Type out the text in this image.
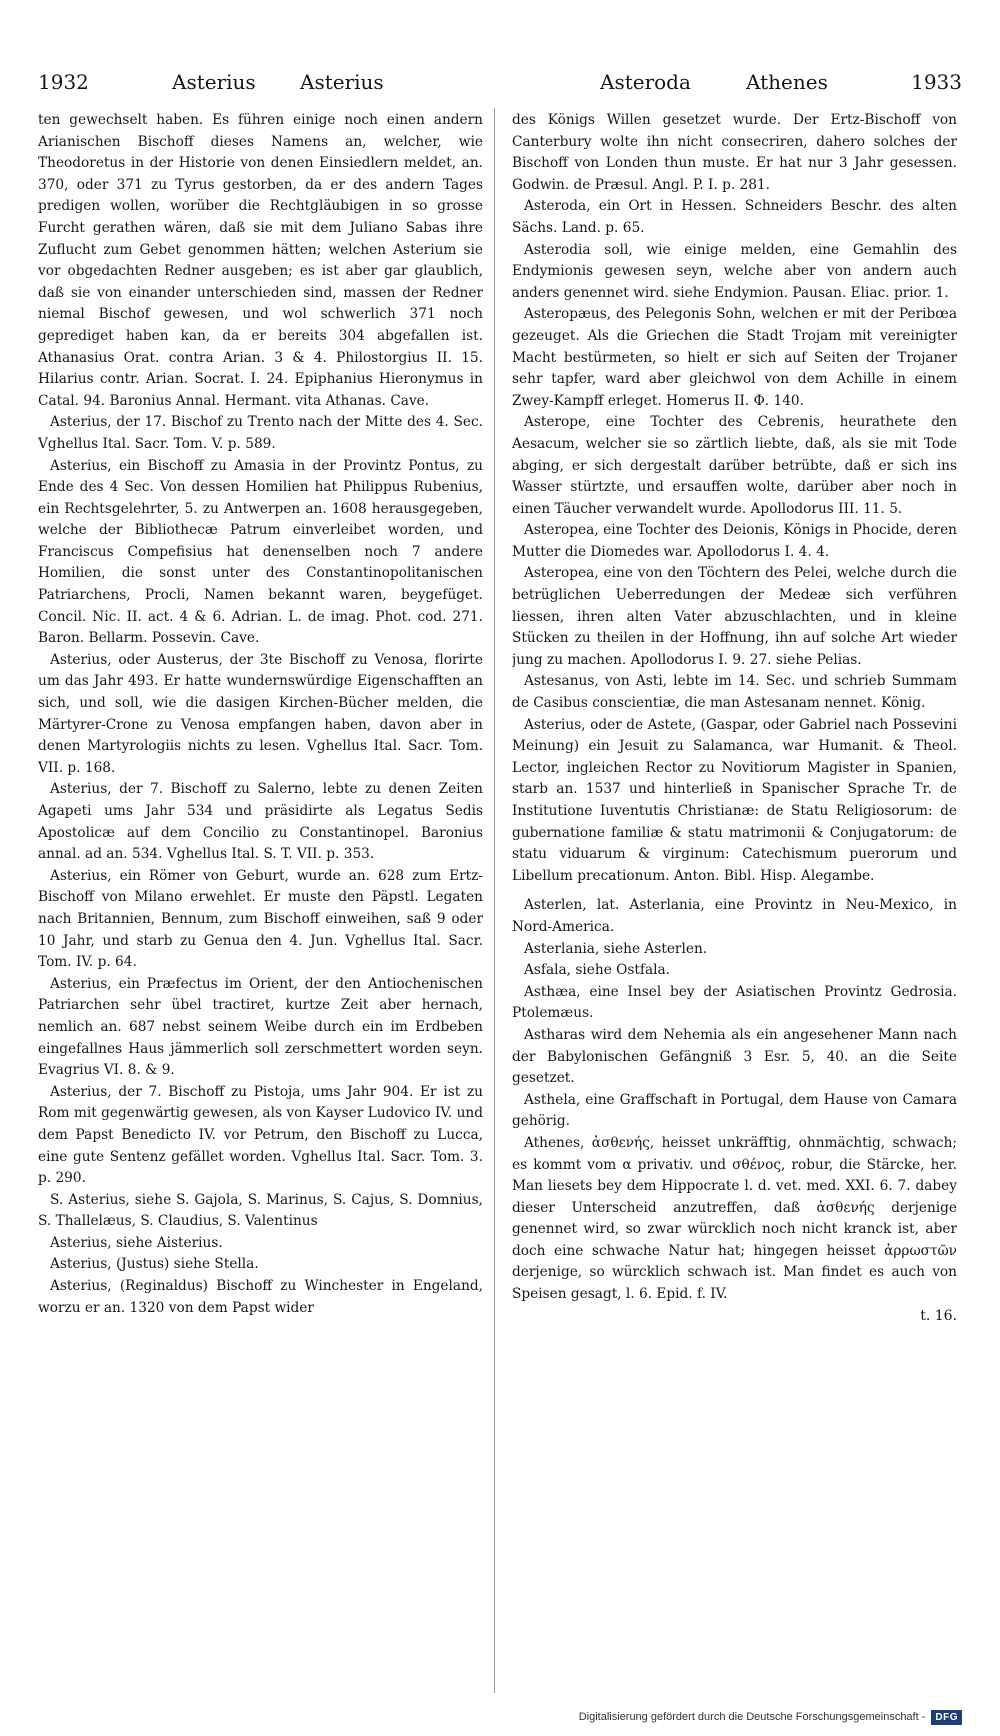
1932	Asterius Asterius	Asteroda	Athenes	1933

ten gewechselt haben. Es führen einige noch einen andern Arianischen Bischoff dieses Namens an, welcher, wie Theodoretus in der Historie von denen Einsiedlern meldet, an. 370, oder 371 zu Tyrus gestorben, da er des andern Tages predigen wollen, worüber die Rechtgläubigen in so grosse Furcht gerathen wären, daß sie mit dem Juliano Sabas ihre Zuflucht zum Gebet genommen hätten; welchen Asterium sie vor obgedachten Redner ausgeben; es ist aber gar glaublich, daß sie von einander unterschieden sind, massen der Redner niemal Bischof gewesen, und wol schwerlich 371 noch geprediget haben kan, da er bereits 304 abgefallen ist. Athanasius Orat. contra Arian. 3 & 4. Philostorgius II. 15. Hilarius contr. Arian. Socrat. I. 24. Epiphanius Hieronymus in Catal. 94. Baronius Annal. Hermant. vita Athanas. Cave.

Asterius, der 17. Bischof zu Trento nach der Mitte des 4. Sec. Vghellus Ital. Sacr. Tom. V. p. 589.

Asterius, ein Bischoff zu Amasia in der Provintz Pontus, zu Ende des 4 Sec. Von dessen Homilien hat Philippus Rubenius, ein Rechtsgelehrter, 5. zu Antwerpen an. 1608 herausgegeben, welche der Bibliothecæ Patrum einverleibet worden, und Franciscus Compefisius hat denenselben noch 7 andere Homilien, die sonst unter des Constantinopolitanischen Patriarchens, Procli, Namen bekannt waren, beygefüget. Concil. Nic. II. act. 4 & 6. Adrian. L. de imag. Phot. cod. 271. Baron. Bellarm. Possevin. Cave.

Asterius, oder Austerus, der 3te Bischoff zu Venosa, florirte um das Jahr 493. Er hatte wundernswürdige Eigenschafften an sich, und soll, wie die dasigen Kirchen-Bücher melden, die Märtyrer-Crone zu Venosa empfangen haben, davon aber in denen Martyrologiis nichts zu lesen. Vghellus Ital. Sacr. Tom. VII. p. 168.

Asterius, der 7. Bischoff zu Salerno, lebte zu denen Zeiten Agapeti ums Jahr 534 und präsidirte als Legatus Sedis Apostolicæ auf dem Concilio zu Constantinopel. Baronius annal. ad an. 534. Vghellus Ital. S. T. VII. p. 353.

Asterius, ein Römer von Geburt, wurde an. 628 zum Ertz-Bischoff von Milano erwehlet. Er muste den Päpstl. Legaten nach Britannien, Bennum, zum Bischoff einweihen, saß 9 oder 10 Jahr, und starb zu Genua den 4. Jun. Vghellus Ital. Sacr. Tom. IV. p. 64.

Asterius, ein Præfectus im Orient, der den Antiochenischen Patriarchen sehr übel tractiret, kurtze Zeit aber hernach, nemlich an. 687 nebst seinem Weibe durch ein im Erdbeben eingefallnes Haus jämmerlich soll zerschmettert worden seyn. Evagrius VI. 8. & 9.

Asterius, der 7. Bischoff zu Pistoja, ums Jahr 904. Er ist zu Rom mit gegenwärtig gewesen, als von Kayser Ludovico IV. und dem Papst Benedicto IV. vor Petrum, den Bischoff zu Lucca, eine gute Sentenz gefället worden. Vghellus Ital. Sacr. Tom. 3. p. 290.

S. Asterius, siehe S. Gajola, S. Marinus, S. Cajus, S. Domnius, S. Thallelæus, S. Claudius, S. Valentinus

Asterius, siehe Aisterius.

Asterius, (Justus) siehe Stella.

Asterius, (Reginaldus) Bischoff zu Winchester in Engeland, worzu er an. 1320 von dem Papst wider

des Königs Willen gesetzet wurde. Der Ertz-Bischoff von Canterbury wolte ihn nicht consecriren, dahero solches der Bischoff von Londen thun muste. Er hat nur 3 Jahr gesessen. Godwin. de Præsul. Angl. P. I. p. 281.

Asteroda, ein Ort in Hessen. Schneiders Beschr. des alten Sächs. Land. p. 65.

Asterodia soll, wie einige melden, eine Gemahlin des Endymionis gewesen seyn, welche aber von andern auch anders genennet wird. siehe Endymion. Pausan. Eliac. prior. 1.

Asteropæus, des Pelegonis Sohn, welchen er mit der Peribœa gezeuget. Als die Griechen die Stadt Trojam mit vereinigter Macht bestürmeten, so hielt er sich auf Seiten der Trojaner sehr tapfer, ward aber gleichwol von dem Achille in einem Zwey-Kampff erleget. Homerus II. Φ. 140.

Asterope, eine Tochter des Cebrenis, heurathete den Aesacum, welcher sie so zärtlich liebte, daß, als sie mit Tode abging, er sich dergestalt darüber betrübte, daß er sich ins Wasser stürtzte, und ersauffen wolte, darüber aber noch in einen Täucher verwandelt wurde. Apollodorus III. 11. 5.

Asteropea, eine Tochter des Deionis, Königs in Phocide, deren Mutter die Diomedes war. Apollodorus I. 4. 4.

Asteropea, eine von den Töchtern des Pelei, welche durch die betrüglichen Ueberredungen der Medeæ sich verführen liessen, ihren alten Vater abzuschlachten, und in kleine Stücken zu theilen in der Hoffnung, ihn auf solche Art wieder jung zu machen. Apollodorus I. 9. 27. siehe Pelias.

Astesanus, von Asti, lebte im 14. Sec. und schrieb Summam de Casibus conscientiæ, die man Astesanam nennet. König.

Asterius, oder de Astete, (Gaspar, oder Gabriel nach Possevini Meinung) ein Jesuit zu Salamanca, war Humanit. & Theol. Lector, ingleichen Rector zu Novitiorum Magister in Spanien, starb an. 1537 und hinterließ in Spanischer Sprache Tr. de Institutione Iuventutis Christianæ: de Statu Religiosorum: de gubernatione familiæ & statu matrimonii & Conjugatorum: de statu viduarum & virginum: Catechismum puerorum und Libellum precationum. Anton. Bibl. Hisp. Alegambe.

Asterlen, lat. Asterlania, eine Provintz in Neu-Mexico, in Nord-America.

Asterlania, siehe Asterlen.

Asfala, siehe Ostfala.

Asthæa, eine Insel bey der Asiatischen Provintz Gedrosia. Ptolemæus.

Astharas wird dem Nehemia als ein angesehener Mann nach der Babylonischen Gefängniß 3 Esr. 5, 40. an die Seite gesetzet.

Asthela, eine Graffschaft in Portugal, dem Hause von Camara gehörig.

Athenes, ἀσθενής, heisset unkräfftig, ohnmächtig, schwach; es kommt vom α privativ. und σθένος, robur, die Stärcke, her. Man liesets bey dem Hippocrate l. d. vet. med. XXI. 6. 7. dabey dieser Unterscheid anzutreffen, daß ἀσθενής derjenige genennet wird, so zwar würcklich noch nicht kranck ist, aber doch eine schwache Natur hat; hingegen heisset ἀρρωστῶν derjenige, so würcklich schwach ist. Man findet es auch von Speisen gesagt, l. 6. Epid. f. IV.

t. 16.

Digitalisierung gefördert durch die Deutsche Forschungsgemeinschaft -	DFG
